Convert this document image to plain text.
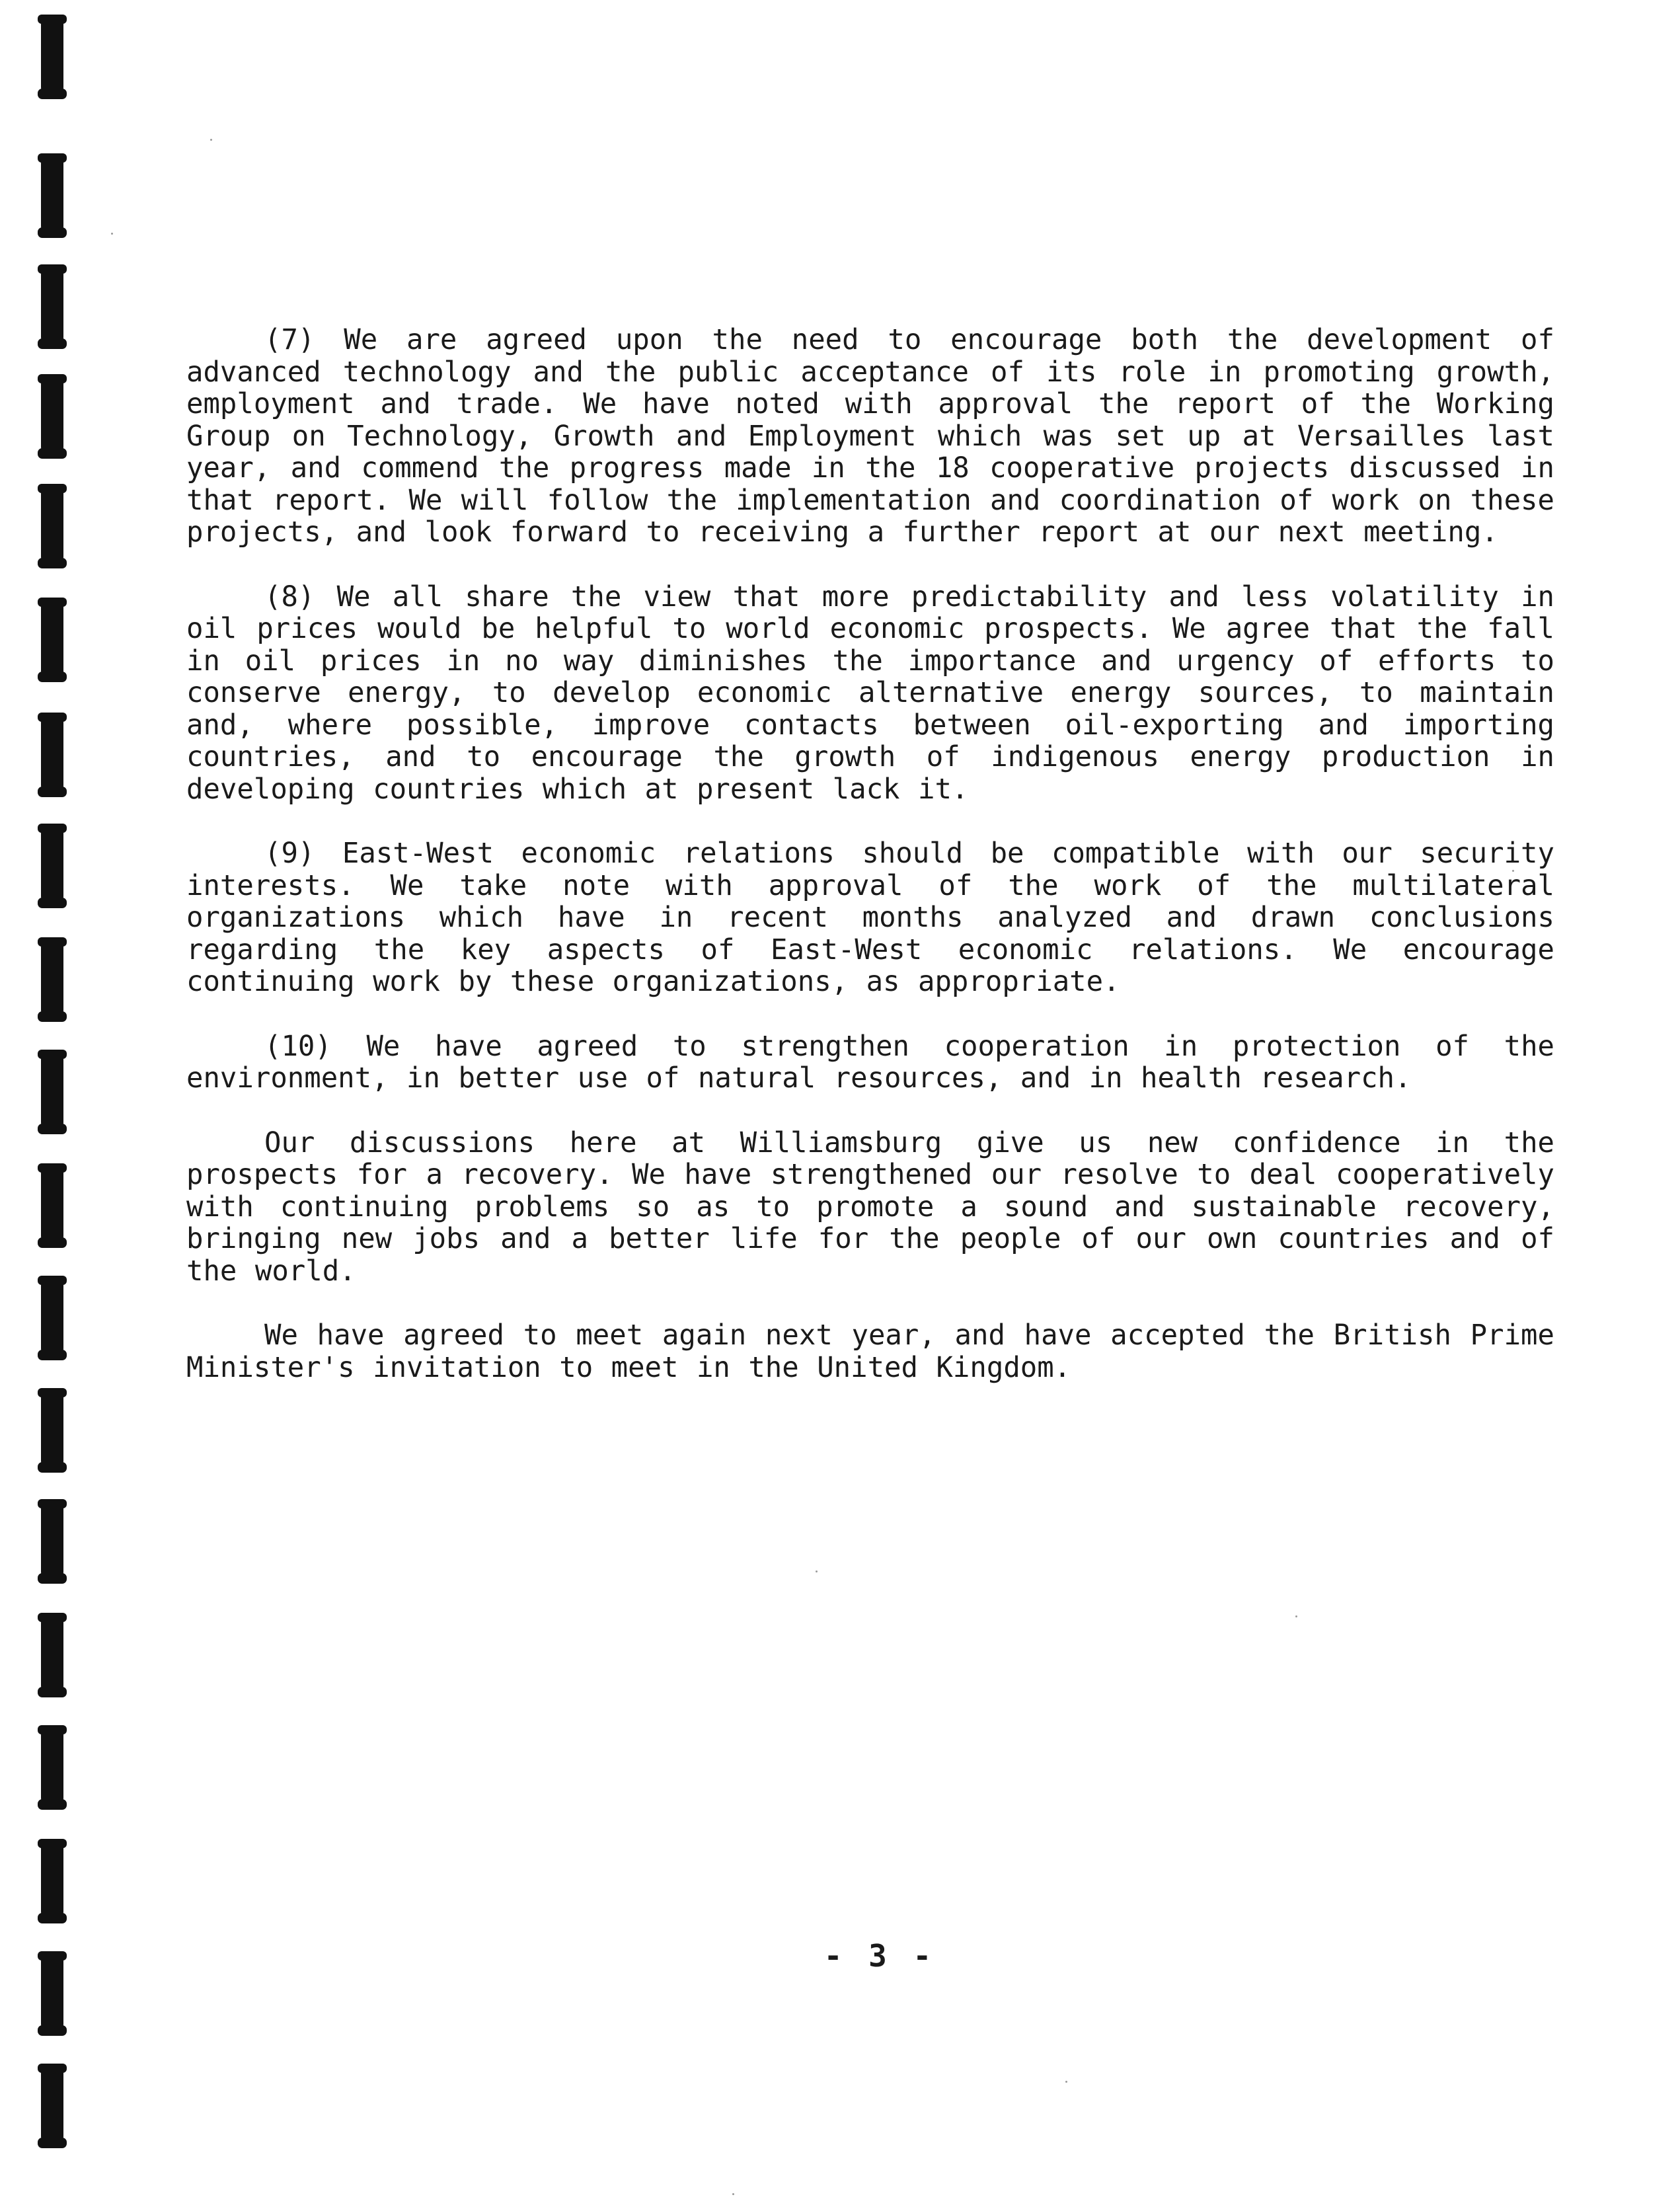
(7) We are agreed upon the need to encourage both the development of advanced technology and the public acceptance of its role in promoting growth, employment and trade. We have noted with approval the report of the Working Group on Technology, Growth and Employment which was set up at Versailles last year, and commend the progress made in the 18 cooperative projects discussed in that report. We will follow the implementation and coordination of work on these projects, and look forward to receiving a further report at our next meeting.

(8) We all share the view that more predictability and less volatility in oil prices would be helpful to world economic prospects. We agree that the fall in oil prices in no way diminishes the importance and urgency of efforts to conserve energy, to develop economic alternative energy sources, to maintain and, where possible, improve contacts between oil-exporting and importing countries, and to encourage the growth of indigenous energy production in developing countries which at present lack it.

(9) East-West economic relations should be compatible with our security interests. We take note with approval of the work of the multilateral organizations which have in recent months analyzed and drawn conclusions regarding the key aspects of East-West economic relations. We encourage continuing work by these organizations, as appropriate.

(10) We have agreed to strengthen cooperation in protection of the environment, in better use of natural resources, and in health research.

Our discussions here at Williamsburg give us new confidence in the prospects for a recovery. We have strengthened our resolve to deal cooperatively with continuing problems so as to promote a sound and sustainable recovery, bringing new jobs and a better life for the people of our own countries and of the world.

We have agreed to meet again next year, and have accepted the British Prime Minister's invitation to meet in the United Kingdom.

- 3 -
